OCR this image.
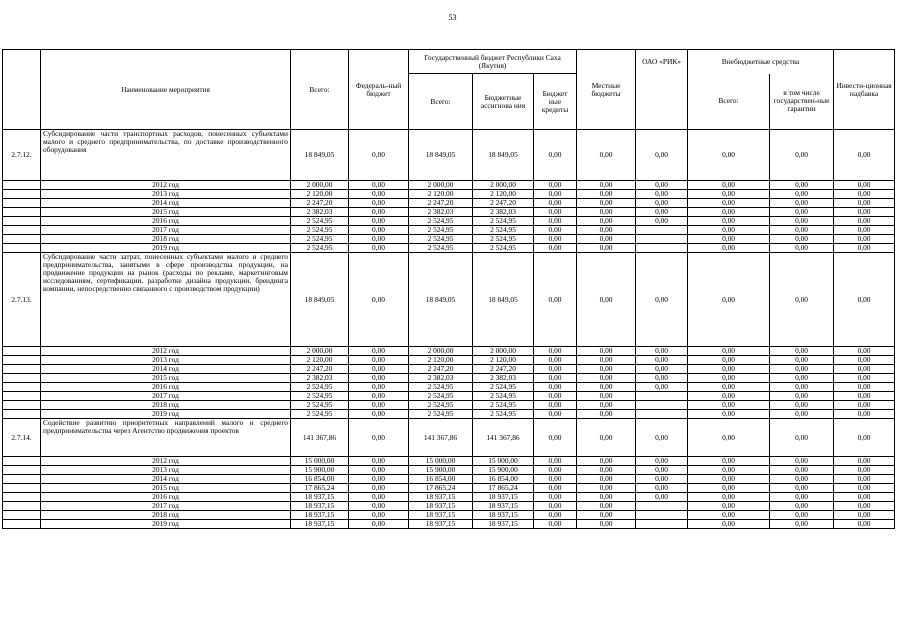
53
	Наименование мероприятия	Всего:	Федераль-ный бюджет	Государственный бюджет Республики Саха (Якутия)			Местные бюджеты	ОАО «РИК»	Внебюджетные средства		Инвести-ционная надбавка
				Всего:	Бюджетные ассигнова ния	Бюджет ные кредиты			Всего:	в том числе государствен-ные гарантии	
2.7.12.	Субсидирование части транспортных расходов, понесенных субъектами малого и среднего предпринимательства, по доставке производственного оборудования	18 849,05	0,00	18 849,05	18 849,05	0,00	0,00	0,00	0,00	0,00	0,00
	2012 год	2 000,00	0,00	2 000,00	2 000,00	0,00	0,00	0,00	0,00	0,00	0,00
	2013 год	2 120,00	0,00	2 120,00	2 120,00	0,00	0,00	0,00	0,00	0,00	0,00
	2014 год	2 247,20	0,00	2 247,20	2 247,20	0,00	0,00	0,00	0,00	0,00	0,00
	2015 год	2 382,03	0,00	2 382,03	2 382,03	0,00	0,00	0,00	0,00	0,00	0,00
	2016 год	2 524,95	0,00	2 524,95	2 524,95	0,00	0,00	0,00	0,00	0,00	0,00
	2017 год	2 524,95	0,00	2 524,95	2 524,95	0,00	0,00		0,00	0,00	0,00
	2018 год	2 524,95	0,00	2 524,95	2 524,95	0,00	0,00		0,00	0,00	0,00
	2019 год	2 524,95	0,00	2 524,95	2 524,95	0,00	0,00		0,00	0,00	0,00
2.7.13.	Субсидирование части затрат, понесенных субъектами малого и среднего предпринимательства, занятыми в сфере производства продукции, на продвижение продукции на рынок (расходы по рекламе, маркетинговым исследованиям, сертификации, разработке дизайна продукции, брендинга компании, непосредственно связанного с производством продукции)	18 849,05	0,00	18 849,05	18 849,05	0,00	0,00	0,00	0,00	0,00	0,00
	2012 год	2 000,00	0,00	2 000,00	2 000,00	0,00	0,00	0,00	0,00	0,00	0,00
	2013 год	2 120,00	0,00	2 120,00	2 120,00	0,00	0,00	0,00	0,00	0,00	0,00
	2014 год	2 247,20	0,00	2 247,20	2 247,20	0,00	0,00	0,00	0,00	0,00	0,00
	2015 год	2 382,03	0,00	2 382,03	2 382,03	0,00	0,00	0,00	0,00	0,00	0,00
	2016 год	2 524,95	0,00	2 524,95	2 524,95	0,00	0,00	0,00	0,00	0,00	0,00
	2017 год	2 524,95	0,00	2 524,95	2 524,95	0,00	0,00		0,00	0,00	0,00
	2018 год	2 524,95	0,00	2 524,95	2 524,95	0,00	0,00		0,00	0,00	0,00
	2019 год	2 524,95	0,00	2 524,95	2 524,95	0,00	0,00		0,00	0,00	0,00
2.7.14.	Содействие развитию приоритетных направлений малого и среднего предпринимательства через Агентство продвижения проектов	141 367,86	0,00	141 367,86	141 367,86	0,00	0,00	0,00	0,00	0,00	0,00
	2012 год	15 000,00	0,00	15 000,00	15 000,00	0,00	0,00	0,00	0,00	0,00	0,00
	2013 год	15 900,00	0,00	15 900,00	15 900,00	0,00	0,00	0,00	0,00	0,00	0,00
	2014 год	16 854,00	0,00	16 854,00	16 854,00	0,00	0,00	0,00	0,00	0,00	0,00
	2015 год	17 865,24	0,00	17 865,24	17 865,24	0,00	0,00	0,00	0,00	0,00	0,00
	2016 год	18 937,15	0,00	18 937,15	18 937,15	0,00	0,00	0,00	0,00	0,00	0,00
	2017 год	18 937,15	0,00	18 937,15	18 937,15	0,00	0,00		0,00	0,00	0,00
	2018 год	18 937,15	0,00	18 937,15	18 937,15	0,00	0,00		0,00	0,00	0,00
	2019 год	18 937,15	0,00	18 937,15	18 937,15	0,00	0,00		0,00	0,00	0,00
